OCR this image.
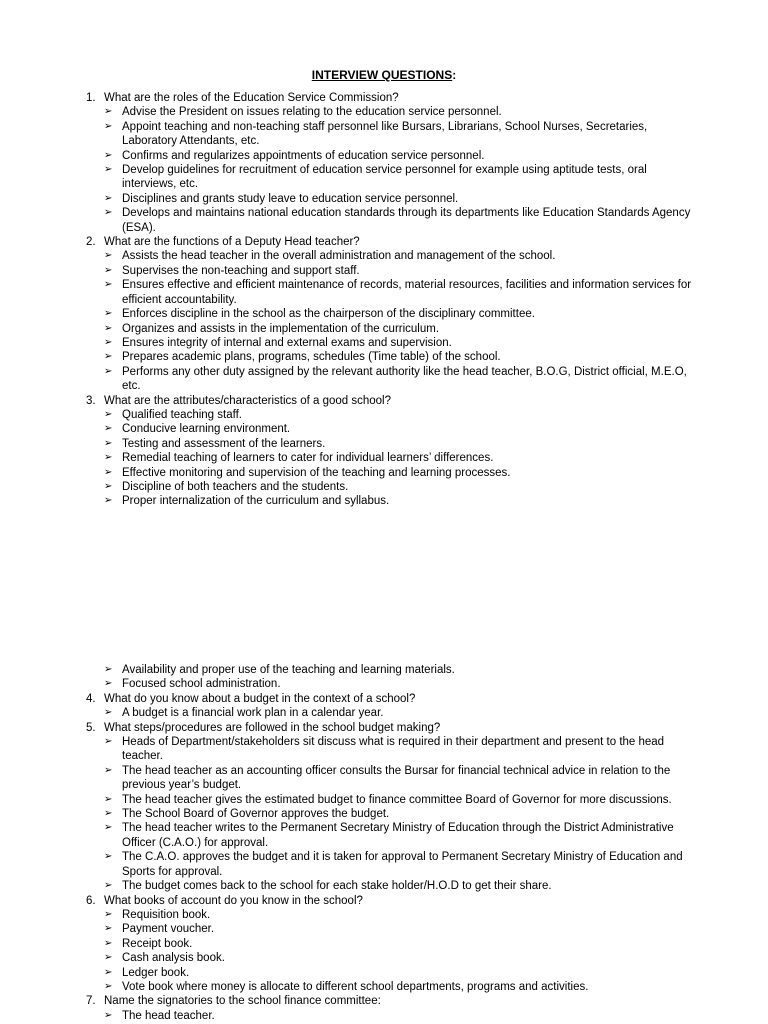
INTERVIEW QUESTIONS:
1. What are the roles of the Education Service Commission?
➢ Advise the President on issues relating to the education service personnel.
➢ Appoint teaching and non-teaching staff personnel like Bursars, Librarians, School Nurses, Secretaries, Laboratory Attendants, etc.
➢ Confirms and regularizes appointments of education service personnel.
➢ Develop guidelines for recruitment of education service personnel for example using aptitude tests, oral interviews, etc.
➢ Disciplines and grants study leave to education service personnel.
➢ Develops and maintains national education standards through its departments like Education Standards Agency (ESA).
2. What are the functions of a Deputy Head teacher?
➢ Assists the head teacher in the overall administration and management of the school.
➢ Supervises the non-teaching and support staff.
➢ Ensures effective and efficient maintenance of records, material resources, facilities and information services for efficient accountability.
➢ Enforces discipline in the school as the chairperson of the disciplinary committee.
➢ Organizes and assists in the implementation of the curriculum.
➢ Ensures integrity of internal and external exams and supervision.
➢ Prepares academic plans, programs, schedules (Time table) of the school.
➢ Performs any other duty assigned by the relevant authority like the head teacher, B.O.G, District official, M.E.O, etc.
3. What are the attributes/characteristics of a good school?
➢ Qualified teaching staff.
➢ Conducive learning environment.
➢ Testing and assessment of the learners.
➢ Remedial teaching of learners to cater for individual learners’ differences.
➢ Effective monitoring and supervision of the teaching and learning processes.
➢ Discipline of both teachers and the students.
➢ Proper internalization of the curriculum and syllabus.
➢ Availability and proper use of the teaching and learning materials.
➢ Focused school administration.
4. What do you know about a budget in the context of a school?
➢ A budget is a financial work plan in a calendar year.
5. What steps/procedures are followed in the school budget making?
➢ Heads of Department/stakeholders sit discuss what is required in their department and present to the head teacher.
➢ The head teacher as an accounting officer consults the Bursar for financial technical advice in relation to the previous year’s budget.
➢ The head teacher gives the estimated budget to finance committee Board of Governor for more discussions.
➢ The School Board of Governor approves the budget.
➢ The head teacher writes to the Permanent Secretary Ministry of Education through the District Administrative Officer (C.A.O.) for approval.
➢ The C.A.O. approves the budget and it is taken for approval to Permanent Secretary Ministry of Education and Sports for approval.
➢ The budget comes back to the school for each stake holder/H.O.D to get their share.
6. What books of account do you know in the school?
➢ Requisition book.
➢ Payment voucher.
➢ Receipt book.
➢ Cash analysis book.
➢ Ledger book.
➢ Vote book where money is allocate to different school departments, programs and activities.
7. Name the signatories to the school finance committee:
➢ The head teacher.
